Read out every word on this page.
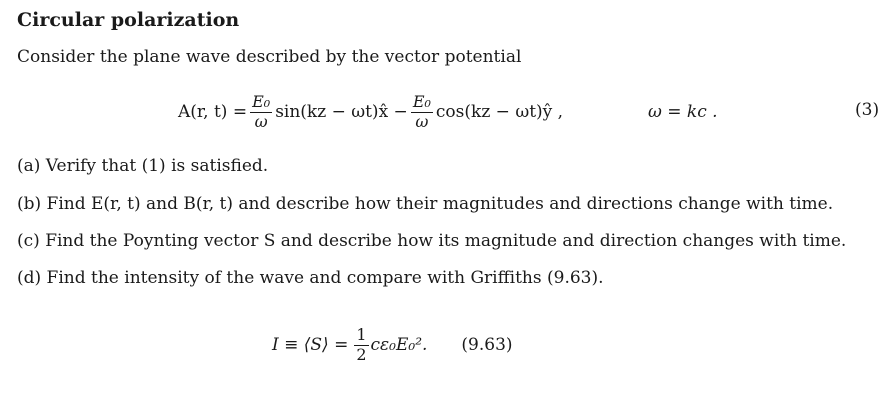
Circular polarization
Consider the plane wave described by the vector potential
A(r, $t) = \frac{\text{E₀}}{\omega} \sin(kz$ − ωt)x̂ − $\frac{\text{E₀}}{\omega} \cos(kz$ − ωt)ŷ ,	ω = kc .	(3)
(a) Verify that (1) is satisfied.
(b) Find E(r, t) and B(r, t) and describe how their magnitudes and directions change with time.
(c) Find the Poynting vector S and describe how its magnitude and direction changes with time.
(d) Find the intensity of the wave and compare with Griffiths (9.63).
I ≡ ⟨S⟩ = $\frac{1}{2} c\varepsilon_0E_0^2$. (9.63)
